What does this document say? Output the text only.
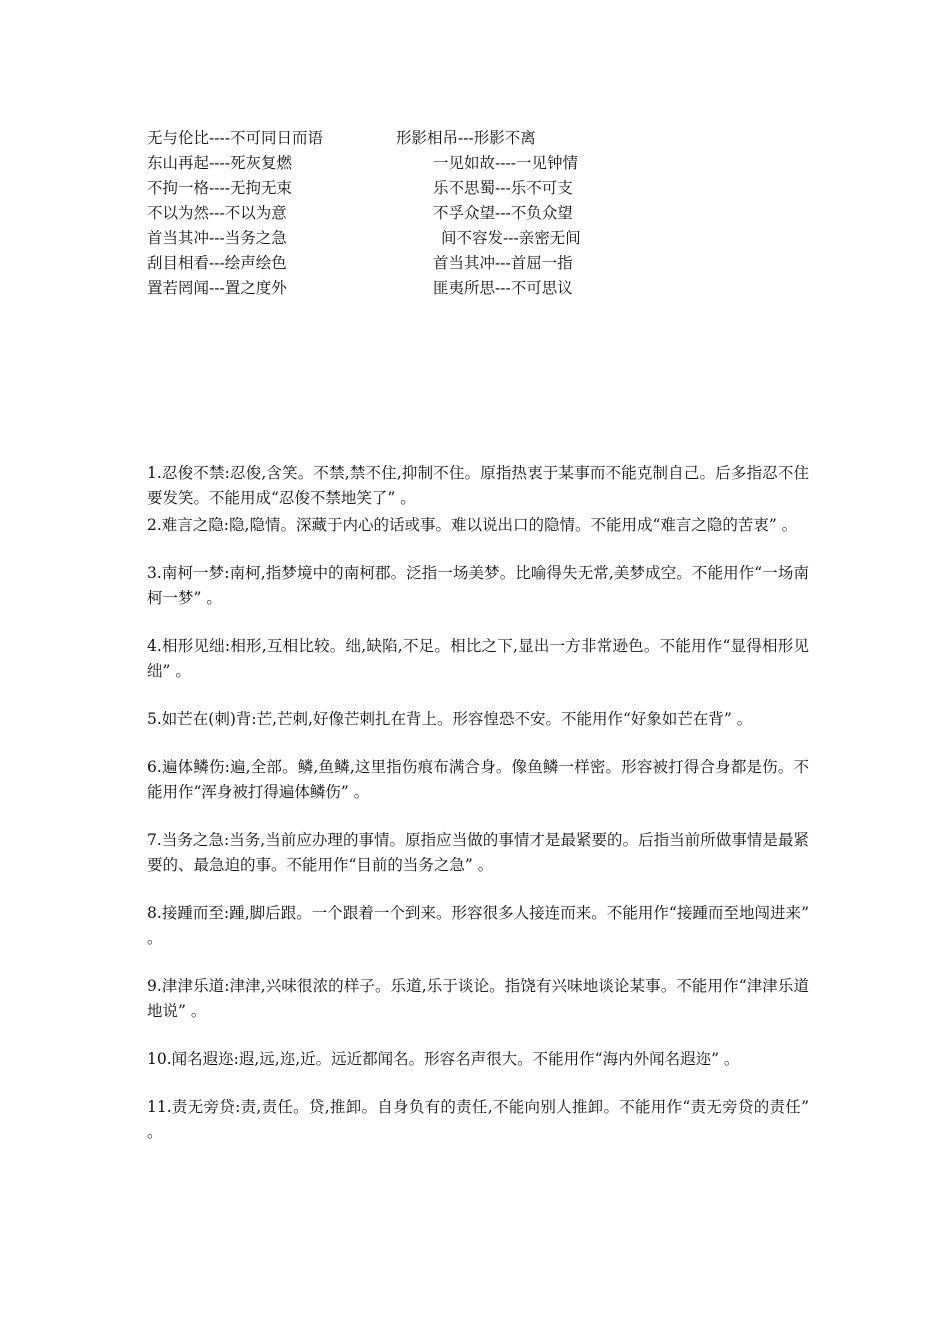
无与伦比----不可同日而语	形影相吊---形影不离
东山再起----死灰复燃	一见如故----一见钟情
不拘一格----无拘无束	乐不思蜀---乐不可支
不以为然---不以为意	不孚众望---不负众望
首当其冲---当务之急	间不容发---亲密无间
刮目相看---绘声绘色	首当其冲---首屈一指
置若罔闻---置之度外	匪夷所思---不可思议

1.忍俊不禁:忍俊,含笑。不禁,禁不住,抑制不住。原指热衷于某事而不能克制自己。后多指忍不住要发笑。不能用成“忍俊不禁地笑了” 。

2.难言之隐:隐,隐情。深藏于内心的话或事。难以说出口的隐情。不能用成“难言之隐的苦衷” 。

3.南柯一梦:南柯,指梦境中的南柯郡。泛指一场美梦。比喻得失无常,美梦成空。不能用作“一场南柯一梦” 。

4.相形见绌:相形,互相比较。绌,缺陷,不足。相比之下,显出一方非常逊色。不能用作“显得相形见绌” 。

5.如芒在(刺)背:芒,芒刺,好像芒刺扎在背上。形容惶恐不安。不能用作“好象如芒在背” 。

6.遍体鳞伤:遍,全部。鳞,鱼鳞,这里指伤痕布满合身。像鱼鳞一样密。形容被打得合身都是伤。不能用作“浑身被打得遍体鳞伤” 。

7.当务之急:当务,当前应办理的事情。原指应当做的事情才是最紧要的。后指当前所做事情是最紧要的、最急迫的事。不能用作“目前的当务之急” 。

8.接踵而至:踵,脚后跟。一个跟着一个到来。形容很多人接连而来。不能用作“接踵而至地闯进来” 。

9.津津乐道:津津,兴味很浓的样子。乐道,乐于谈论。指饶有兴味地谈论某事。不能用作“津津乐道地说” 。

10.闻名遐迩:遐,远,迩,近。远近都闻名。形容名声很大。不能用作“海内外闻名遐迩” 。

11.责无旁贷:责,责任。贷,推卸。自身负有的责任,不能向别人推卸。不能用作“责无旁贷的责任” 。
